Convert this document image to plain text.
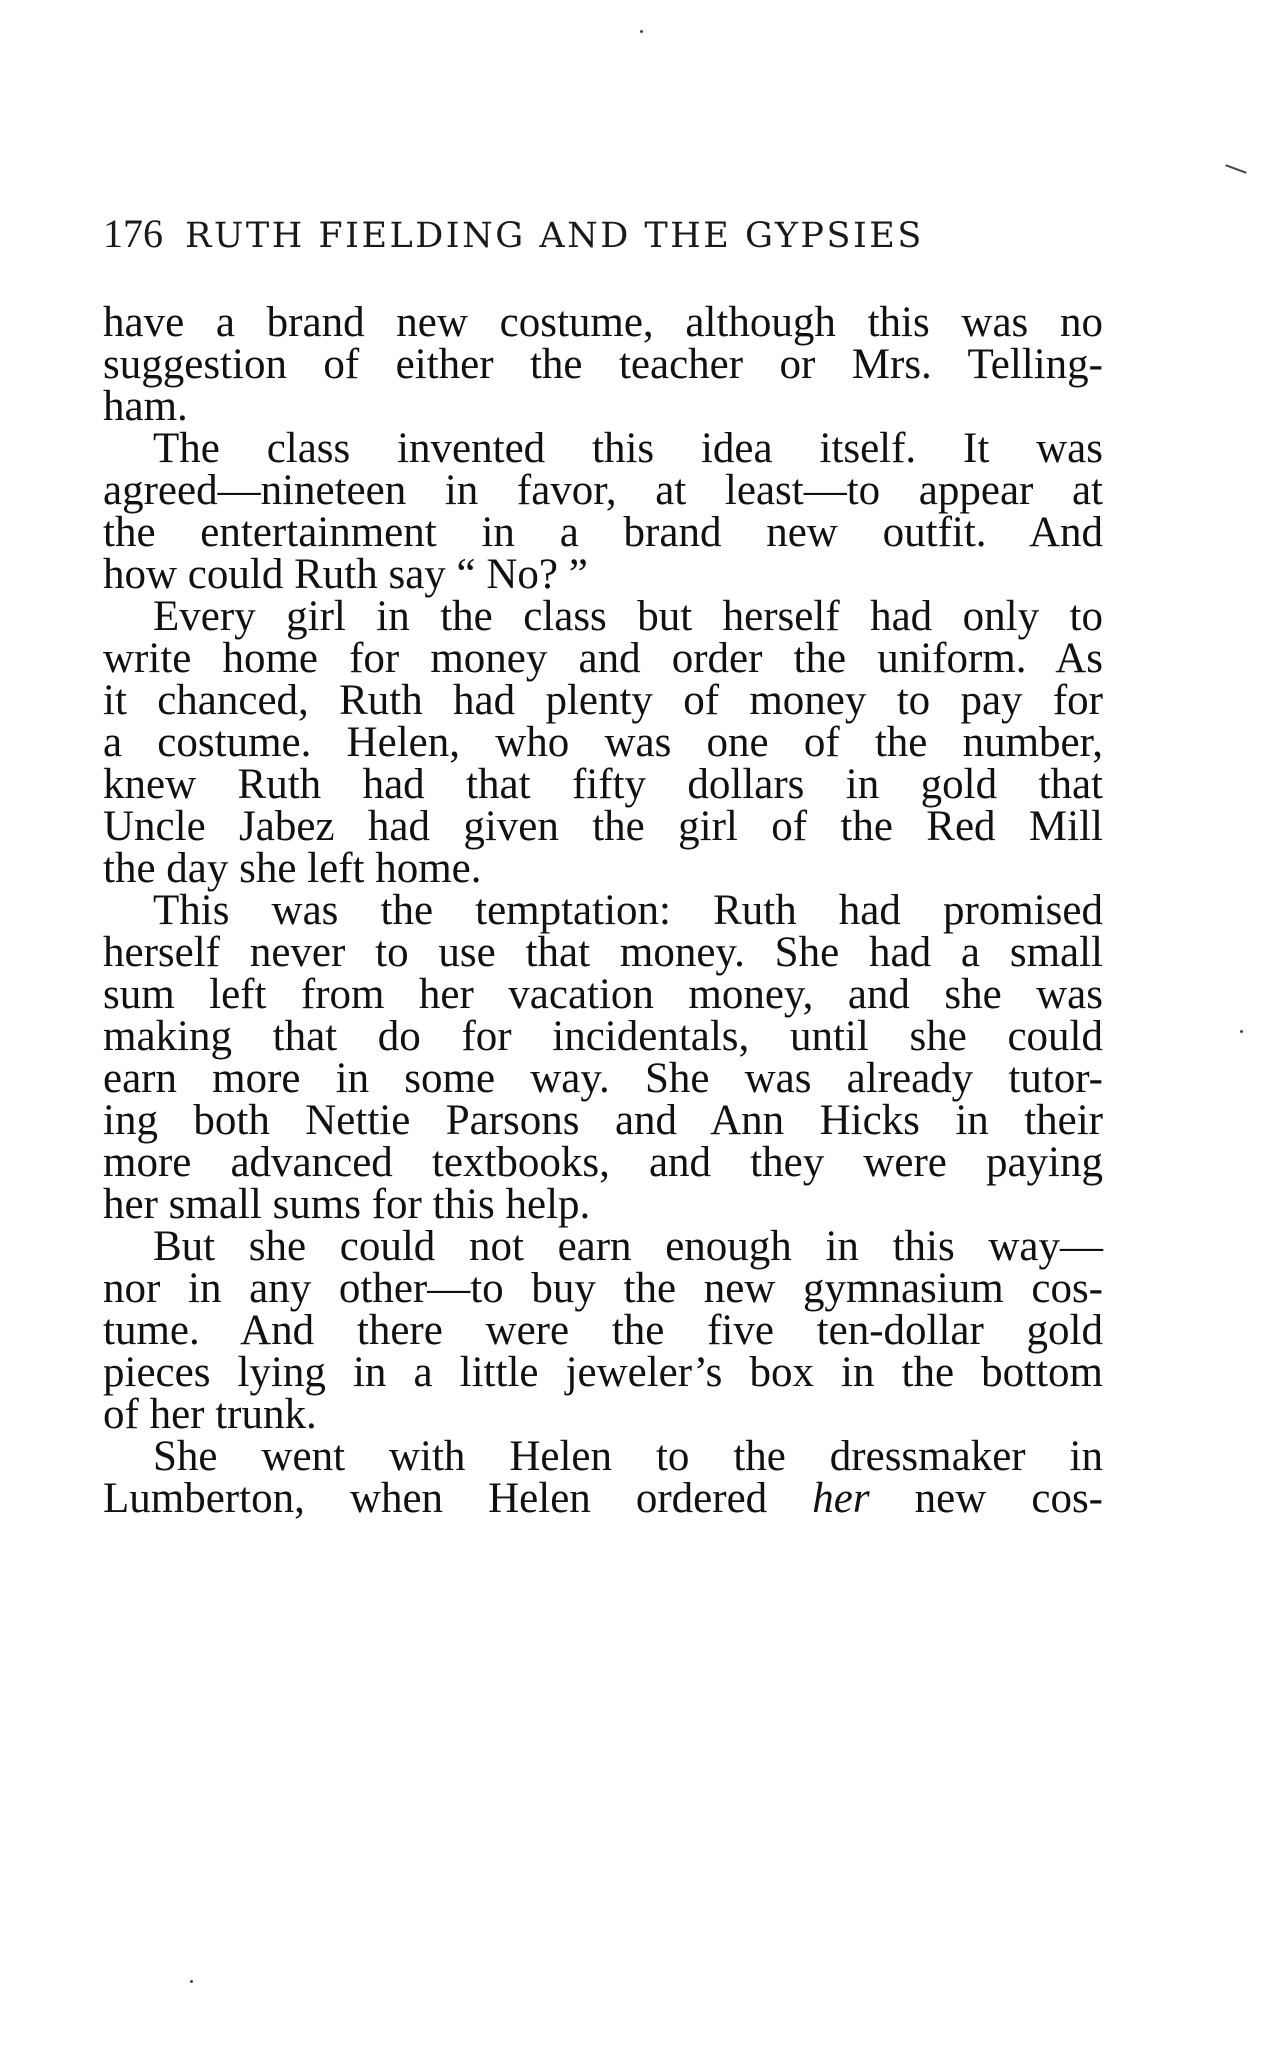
176 RUTH FIELDING AND THE GYPSIES
have a brand new costume, although this was no
suggestion of either the teacher or Mrs. Telling-
ham.
The class invented this idea itself. It was
agreed—nineteen in favor, at least—to appear at
the entertainment in a brand new outfit. And
how could Ruth say “ No? ”
Every girl in the class but herself had only to
write home for money and order the uniform. As
it chanced, Ruth had plenty of money to pay for
a costume. Helen, who was one of the number,
knew Ruth had that fifty dollars in gold that
Uncle Jabez had given the girl of the Red Mill
the day she left home.
This was the temptation: Ruth had promised
herself never to use that money. She had a small
sum left from her vacation money, and she was
making that do for incidentals, until she could
earn more in some way. She was already tutor-
ing both Nettie Parsons and Ann Hicks in their
more advanced textbooks, and they were paying
her small sums for this help.
But she could not earn enough in this way—
nor in any other—to buy the new gymnasium cos-
tume. And there were the five ten-dollar gold
pieces lying in a little jeweler’s box in the bottom
of her trunk.
She went with Helen to the dressmaker in
Lumberton, when Helen ordered her new cos-
